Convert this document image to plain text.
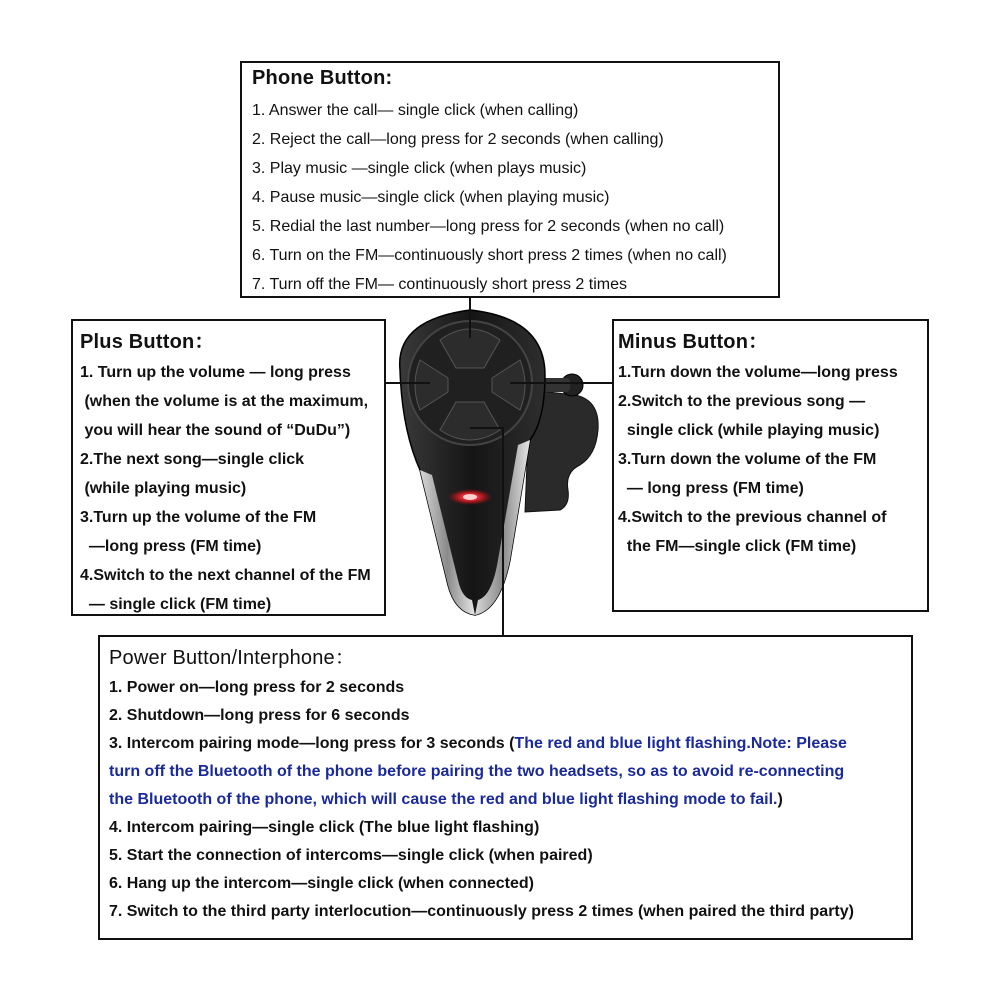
Phone Button:
1. Answer the call— single click (when calling)
2. Reject the call—long press for 2 seconds (when calling)
3. Play music —single click (when plays music)
4. Pause music—single click (when playing music)
5. Redial the last number—long press for 2 seconds (when no call)
6. Turn on the FM—continuously short press 2 times (when no call)
7. Turn off the FM— continuously short press 2 times
Plus Button：
1. Turn up the volume — long press
(when the volume is at the maximum,
you will hear the sound of “DuDu”)
2.The next song—single click
(while playing music)
3.Turn up the volume of the FM
—long press (FM time)
4.Switch to the next channel of the FM
— single click (FM time)
Minus Button：
1.Turn down the volume—long press
2.Switch to the previous song —
single click (while playing music)
3.Turn down the volume of the FM
— long press (FM time)
4.Switch to the previous channel of
the FM—single click (FM time)
Power Button/Interphone：
1. Power on—long press for 2 seconds
2. Shutdown—long press for 6 seconds
3. Intercom pairing mode—long press for 3 seconds (The red and blue light flashing.Note: Please
turn off the Bluetooth of the phone before pairing the two headsets, so as to avoid re-connecting
the Bluetooth of the phone, which will cause the red and blue light flashing mode to fail.)
4. Intercom pairing—single click (The blue light flashing)
5. Start the connection of intercoms—single click (when paired)
6. Hang up the intercom—single click (when connected)
7. Switch to the third party interlocution—continuously press 2 times (when paired the third party)
